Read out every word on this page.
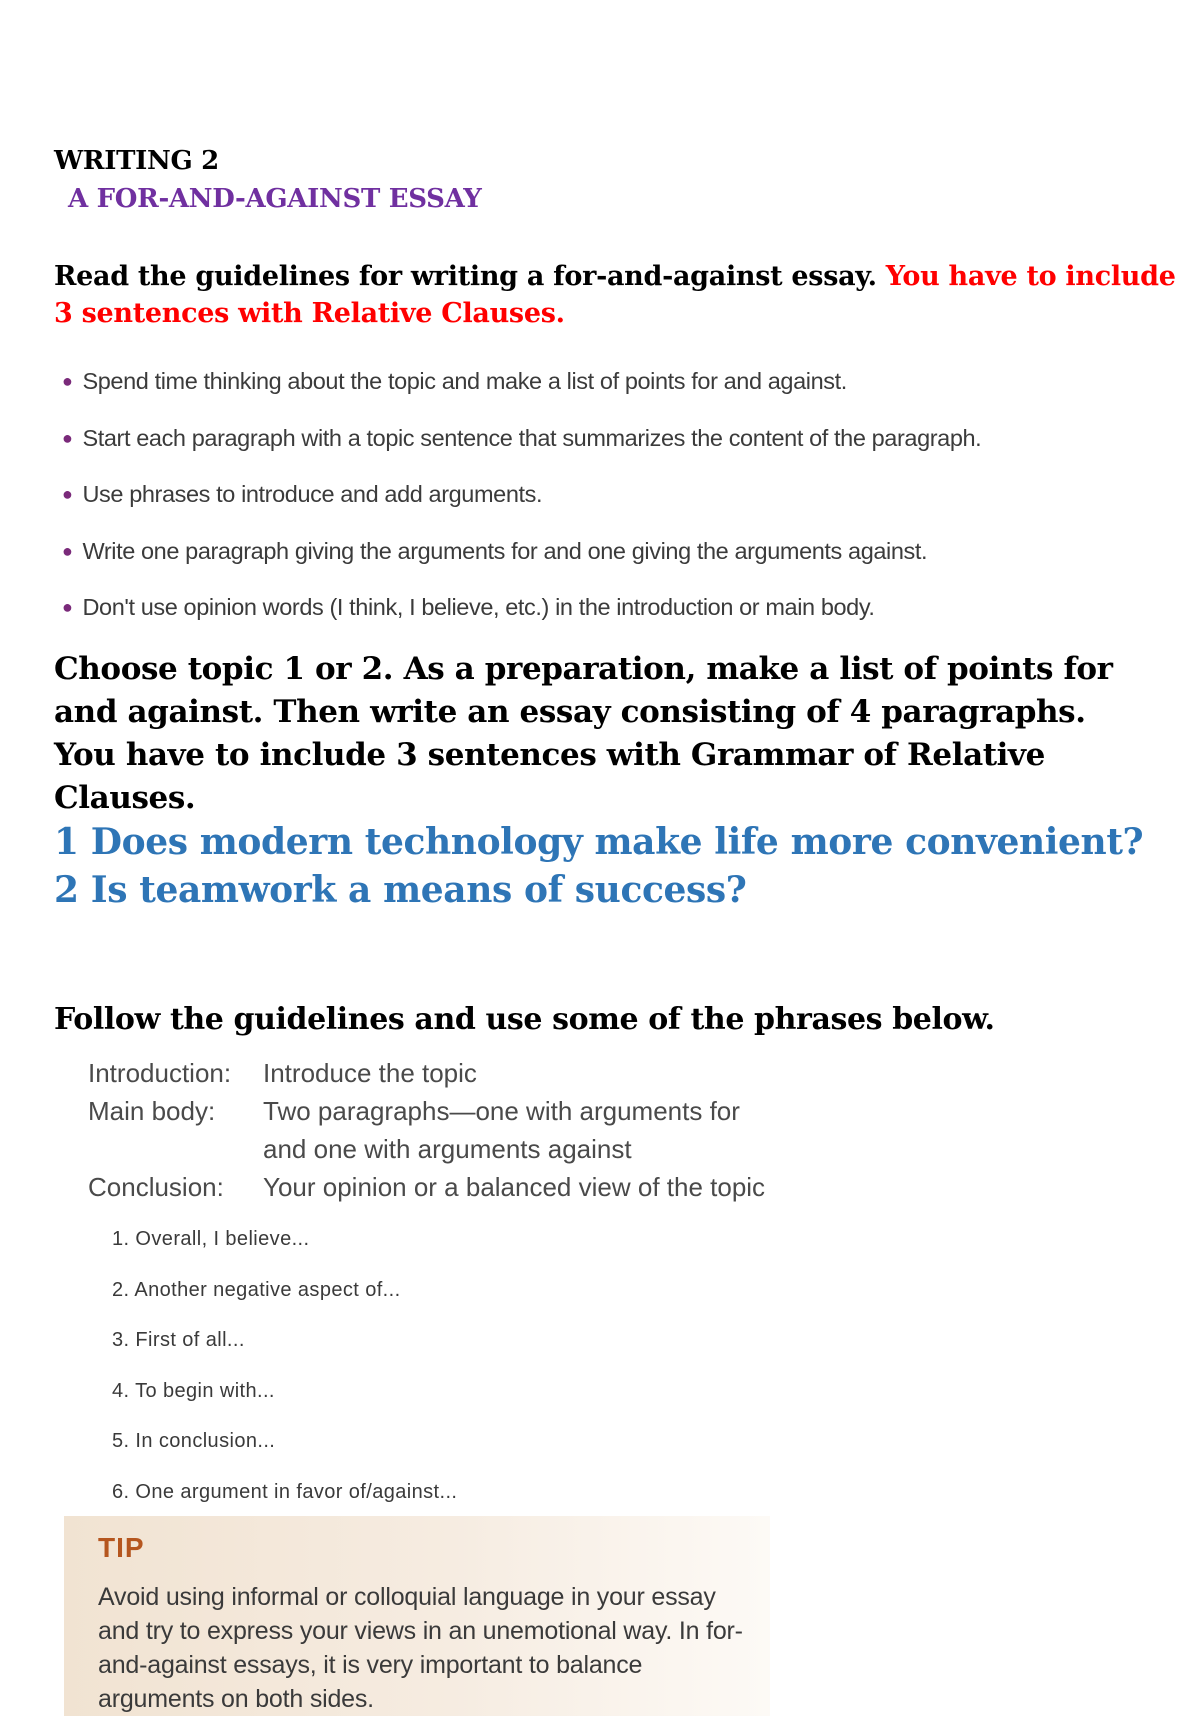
WRITING 2
A FOR-AND-AGAINST ESSAY
Read the guidelines for writing a for-and-against essay. You have to include 3 sentences with Relative Clauses.
● Spend time thinking about the topic and make a list of points for and against.
● Start each paragraph with a topic sentence that summarizes the content of the paragraph.
● Use phrases to introduce and add arguments.
● Write one paragraph giving the arguments for and one giving the arguments against.
● Don't use opinion words (I think, I believe, etc.) in the introduction or main body.
Choose topic 1 or 2. As a preparation, make a list of points for and against. Then write an essay consisting of 4 paragraphs. You have to include 3 sentences with Grammar of Relative Clauses.
1 Does modern technology make life more convenient?
2 Is teamwork a means of success?
Follow the guidelines and use some of the phrases below.
Introduction: Introduce the topic
Main body: Two paragraphs—one with arguments for
and one with arguments against
Conclusion: Your opinion or a balanced view of the topic
1. Overall, I believe...
2. Another negative aspect of...
3. First of all...
4. To begin with...
5. In conclusion...
6. One argument in favor of/against...
TIP
Avoid using informal or colloquial language in your essay and try to express your views in an unemotional way. In for-and-against essays, it is very important to balance arguments on both sides.
